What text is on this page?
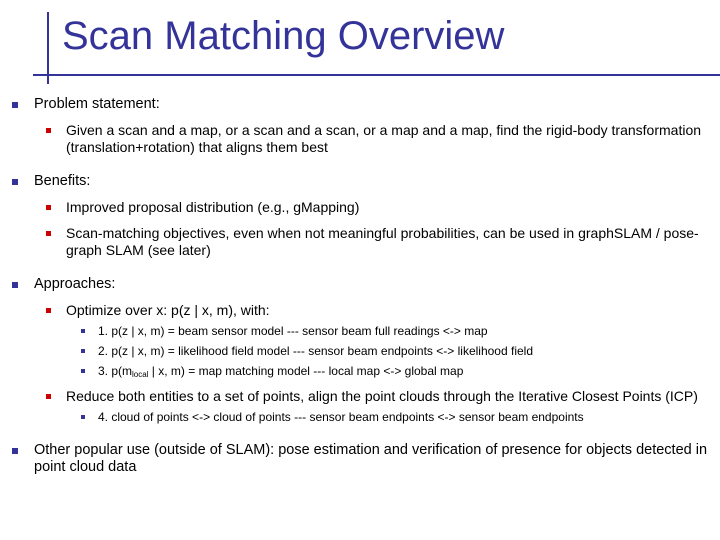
Scan Matching Overview

Problem statement:

Given a scan and a map, or a scan and a scan, or a map and a map, find the rigid-body transformation (translation+rotation) that aligns them best

Benefits:

Improved proposal distribution (e.g., gMapping)

Scan-matching objectives, even when not meaningful probabilities, can be used in graphSLAM / pose-graph SLAM (see later)

Approaches:

Optimize over x: p(z | x, m), with:

1. p(z | x, m) = beam sensor model --- sensor beam full readings <-> map

2. p(z | x, m) = likelihood field model --- sensor beam endpoints <-> likelihood field

3. $p(m_{local}$ | x, m) = map matching model --- local map <-> global map

Reduce both entities to a set of points, align the point clouds through the Iterative Closest Points (ICP)

4. cloud of points <-> cloud of points --- sensor beam endpoints <-> sensor beam endpoints

Other popular use (outside of SLAM): pose estimation and verification of presence for objects detected in point cloud data
